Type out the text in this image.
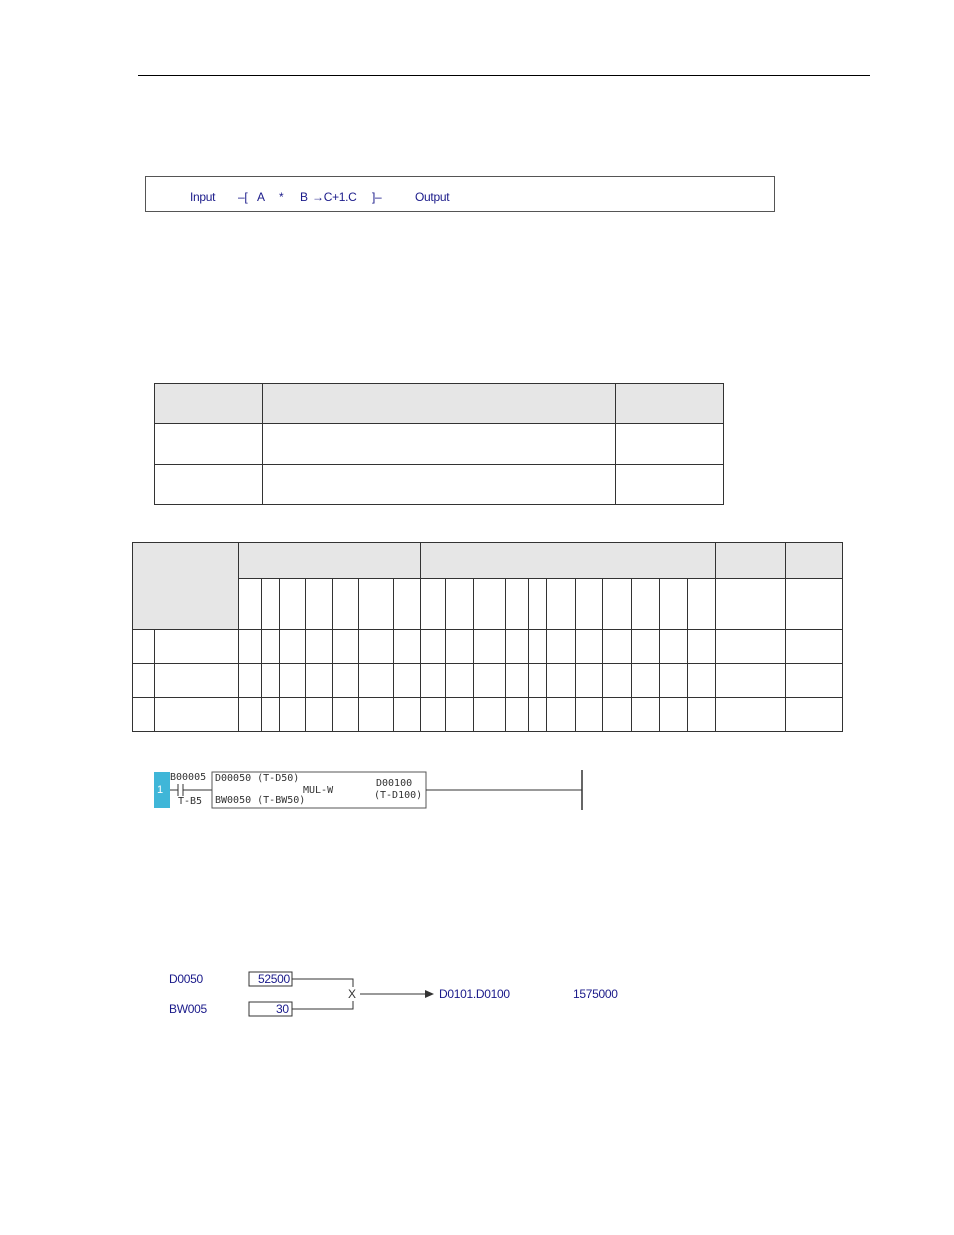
Input –[ A * B →C+1.C ]–	Output

1
B00005
T-B5
D00050 (T-D50)
BW0050 (T-BW50)
MUL-W
D00100
(T-D100)
D0050
BW005
52500
30
X	D0101.D0100	1575000
